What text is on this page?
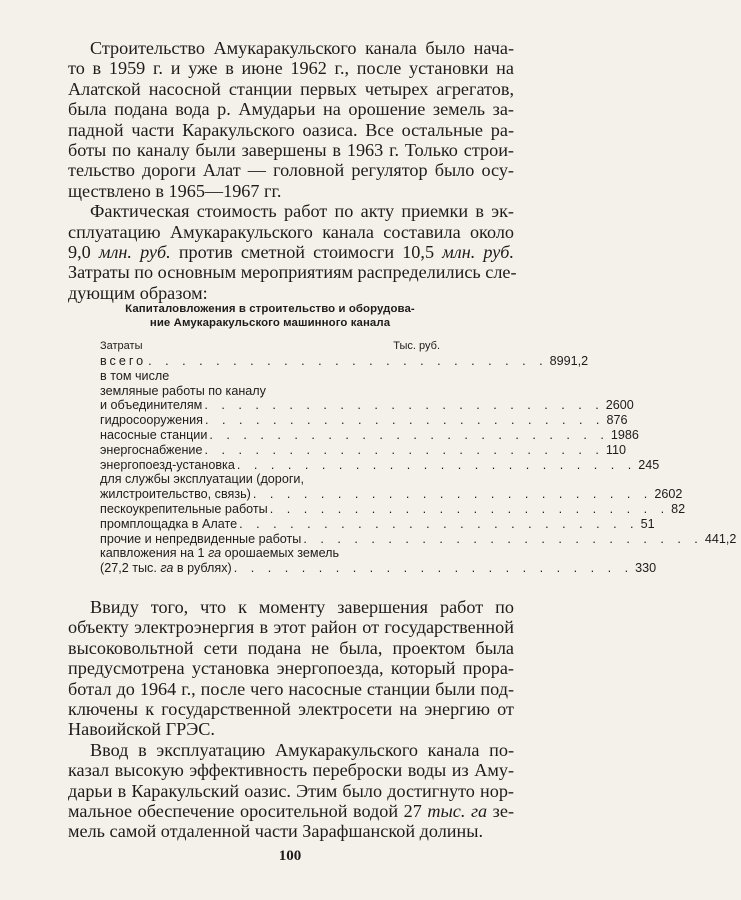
Строительство Амукаракульского канала было нача-
то в 1959 г. и уже в июне 1962 г., после установки на
Алатской насосной станции первых четырех агрегатов,
была подана вода р. Амударьи на орошение земель за-
падной части Каракульского оазиса. Все остальные ра-
боты по каналу были завершены в 1963 г. Только строи-
тельство дороги Алат — головной регулятор было осу-
ществлено в 1965—1967 гг.

Фактическая стоимость работ по акту приемки в эк-
сплуатацию Амукаракульского канала составила около
9,0 млн. руб. против сметной стоимосги 10,5 млн. руб.
Затраты по основным мероприятиям распределились сле-
дующим образом:

Капиталовложения в строительство и оборудова-
ние Амукаракульского машинного канала
Затраты	Тыс. руб.
всего . . . . . . . . . . . . . . . . . . . . . . . . 8991,2
в том числе
земляные работы по каналу
и объединителям . . . . . . . . . . . . . . . . . . . . . . . . 2600
гидросооружения . . . . . . . . . . . . . . . . . . . . . . . . 876
насосные станции . . . . . . . . . . . . . . . . . . . . . . . . 1986
энергоснабжение . . . . . . . . . . . . . . . . . . . . . . . . 110
энергопоезд-установка . . . . . . . . . . . . . . . . . . . . . . . . 245
для службы эксплуатации (дороги,
жилстроительство, связь) . . . . . . . . . . . . . . . . . . . . . . . . 2602
пескоукрепительные работы . . . . . . . . . . . . . . . . . . . . . . . . 82
промплощадка в Алате . . . . . . . . . . . . . . . . . . . . . . . . 51
прочие и непредвиденные работы . . . . . . . . . . . . . . . . . . . . . . . . 441,2
капвложения на 1 га орошаемых земель
(27,2 тыс. га в рублях) . . . . . . . . . . . . . . . . . . . . . . . . 330

Ввиду того, что к моменту завершения работ по
объекту электроэнергия в этот район от государственной
высоковольтной сети подана не была, проектом была
предусмотрена установка энергопоезда, который прора-
ботал до 1964 г., после чего насосные станции были под-
ключены к государственной электросети на энергию от
Навоийской ГРЭС.

Ввод в эксплуатацию Амукаракульского канала по-
казал высокую эффективность переброски воды из Аму-
дарьи в Каракульский оазис. Этим было достигнуто нор-
мальное обеспечение оросительной водой 27 тыс. га зе-
мель самой отдаленной части Зарафшанской долины.

100
